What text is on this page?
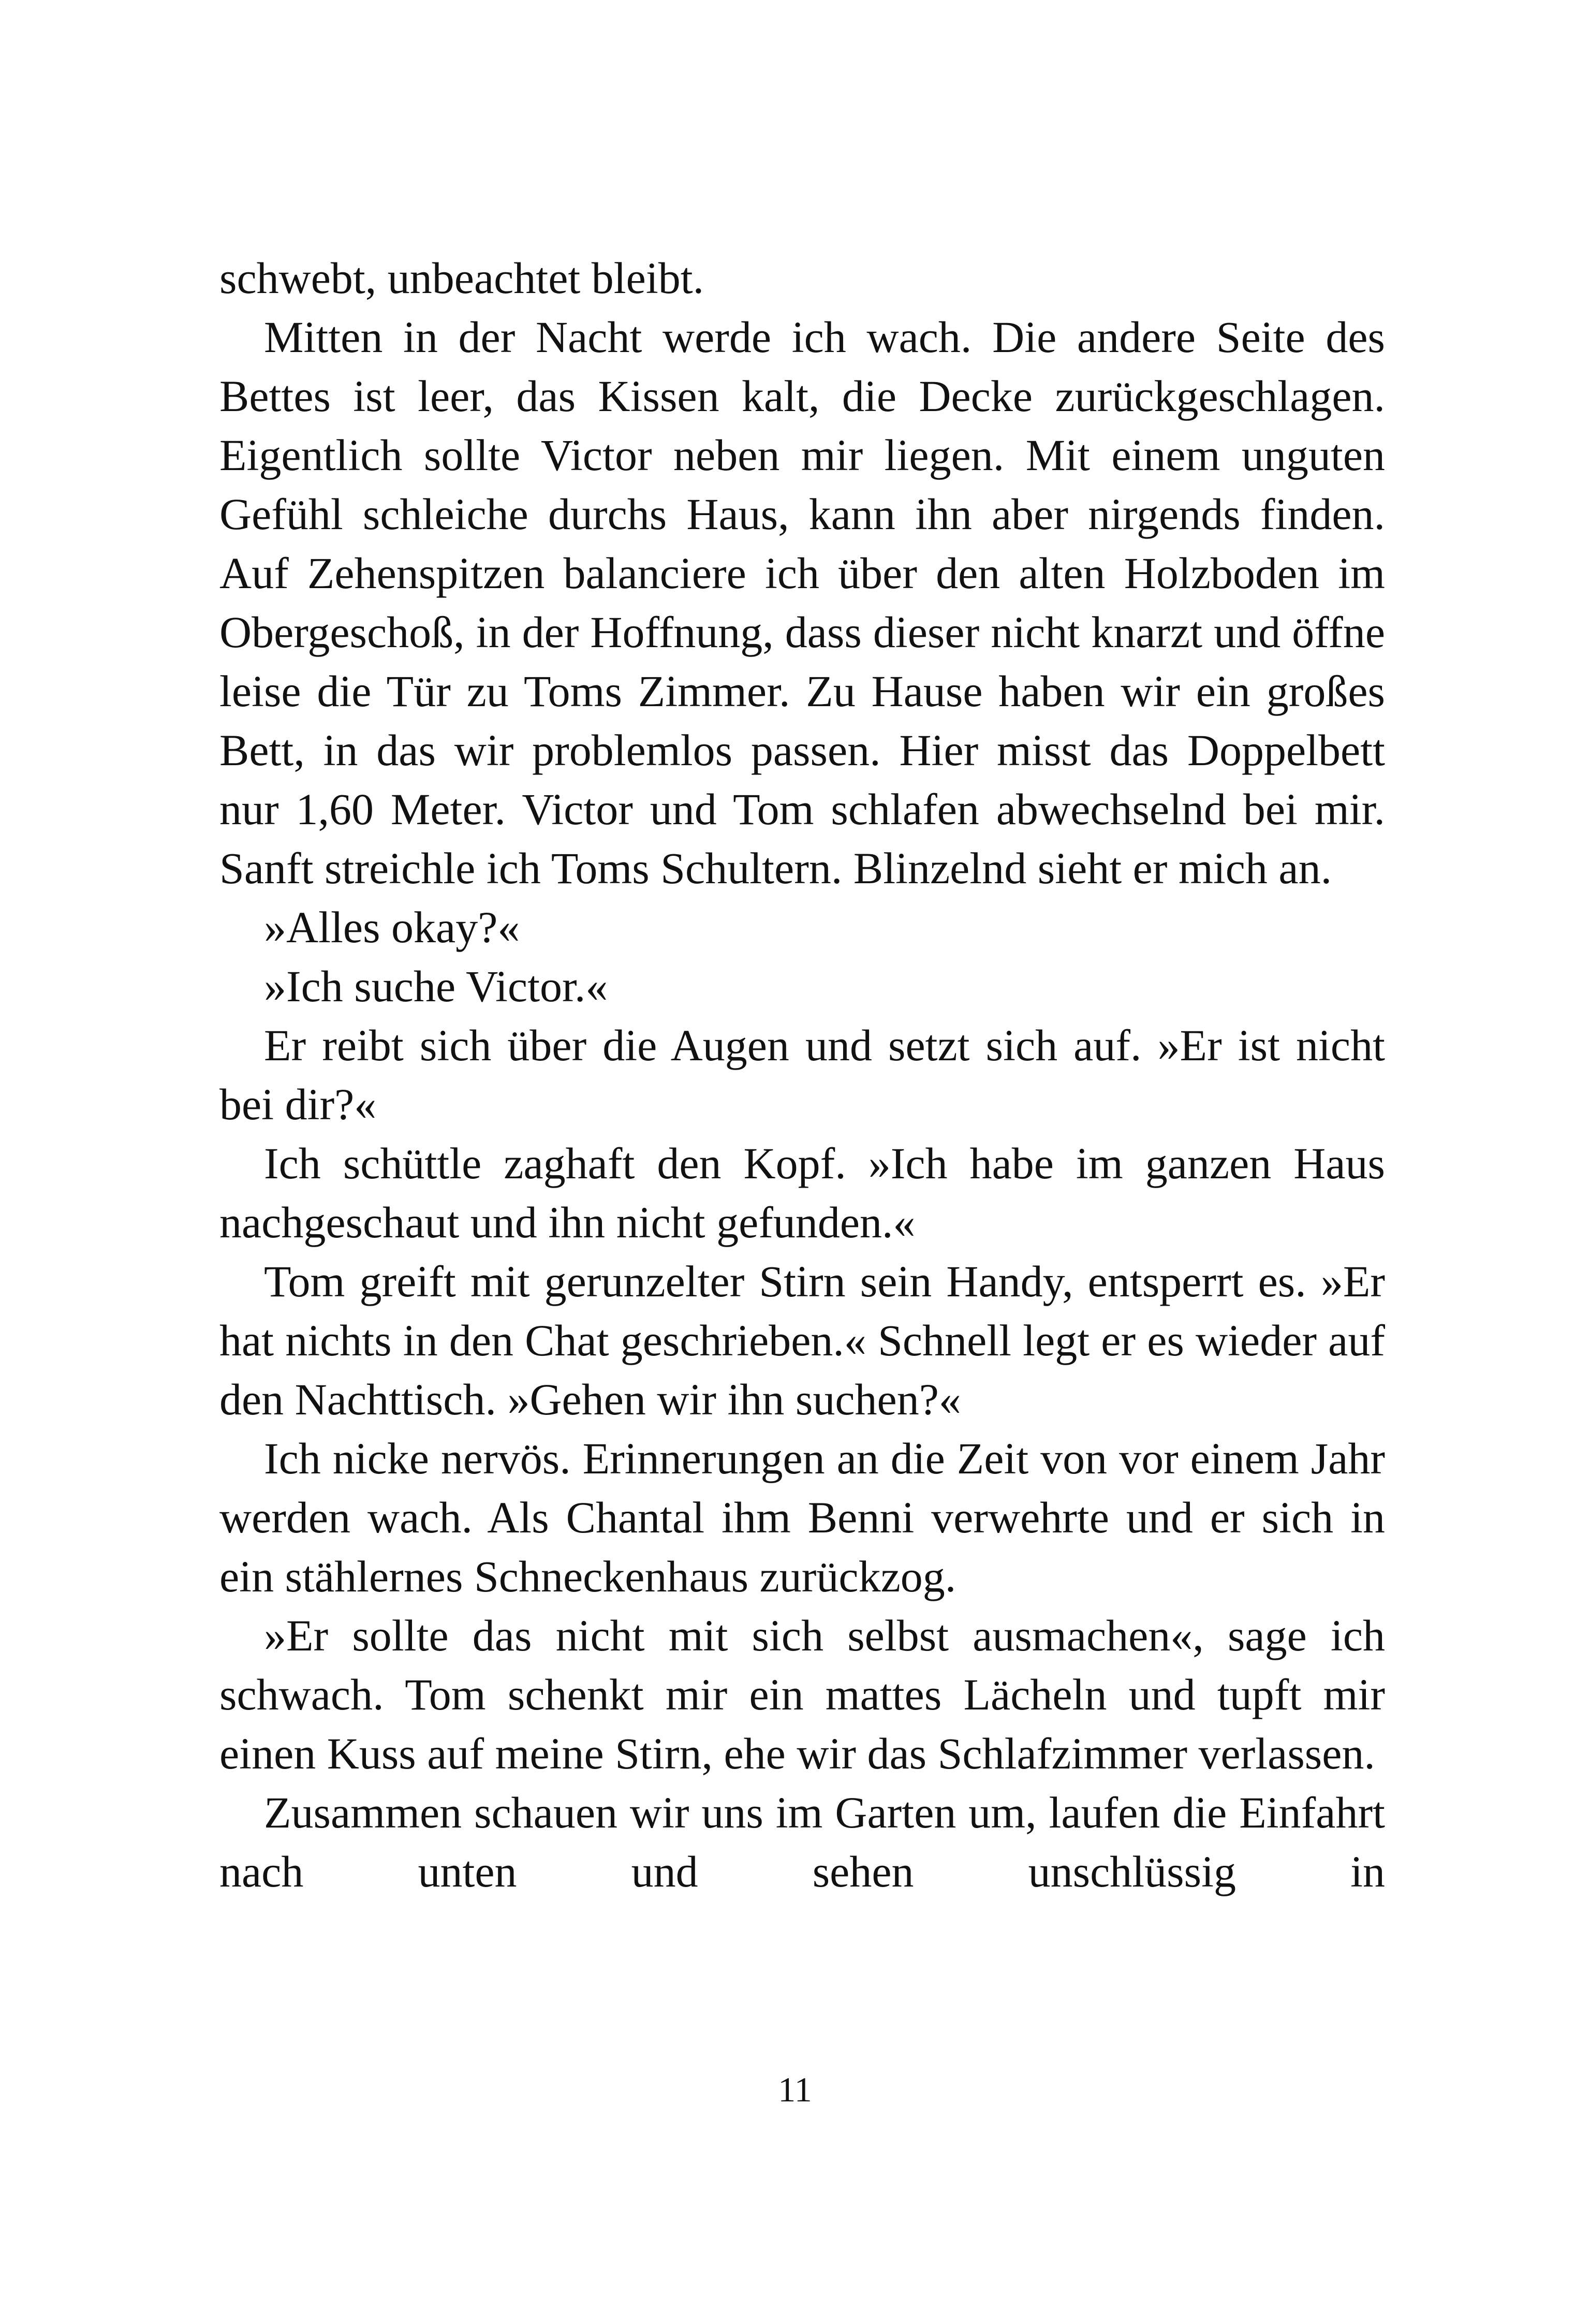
schwebt, unbeachtet bleibt.

Mitten in der Nacht werde ich wach. Die andere Seite des Bettes ist leer, das Kissen kalt, die Decke zurückgeschlagen. Eigentlich sollte Victor neben mir liegen. Mit einem unguten Gefühl schleiche durchs Haus, kann ihn aber nirgends finden. Auf Zehenspitzen balanciere ich über den alten Holzboden im Obergeschoß, in der Hoffnung, dass dieser nicht knarzt und öffne leise die Tür zu Toms Zimmer. Zu Hause haben wir ein großes Bett, in das wir problemlos passen. Hier misst das Doppelbett nur 1,60 Meter. Victor und Tom schlafen abwechselnd bei mir. Sanft streichle ich Toms Schultern. Blinzelnd sieht er mich an.

»Alles okay?«

»Ich suche Victor.«

Er reibt sich über die Augen und setzt sich auf. »Er ist nicht bei dir?«

Ich schüttle zaghaft den Kopf. »Ich habe im ganzen Haus nachgeschaut und ihn nicht gefunden.«

Tom greift mit gerunzelter Stirn sein Handy, entsperrt es. »Er hat nichts in den Chat geschrieben.« Schnell legt er es wieder auf den Nachttisch. »Gehen wir ihn suchen?«

Ich nicke nervös. Erinnerungen an die Zeit von vor einem Jahr werden wach. Als Chantal ihm Benni verwehrte und er sich in ein stählernes Schneckenhaus zurückzog.

»Er sollte das nicht mit sich selbst ausmachen«, sage ich schwach. Tom schenkt mir ein mattes Lächeln und tupft mir einen Kuss auf meine Stirn, ehe wir das Schlafzimmer verlassen.

Zusammen schauen wir uns im Garten um, laufen die Einfahrt nach unten und sehen unschlüssig in

11
